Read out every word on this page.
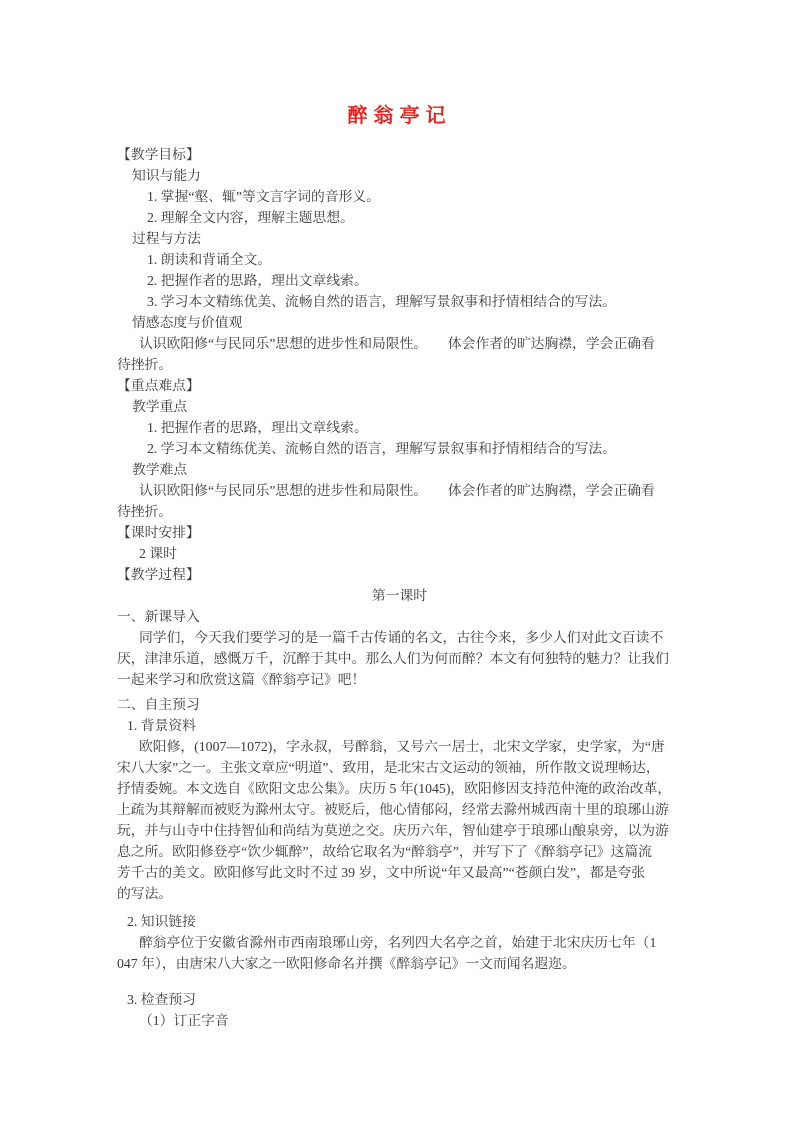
醉翁亭记
【教学目标】
知识与能力
1. 掌握“壑、辄”等文言字词的音形义。
2. 理解全文内容，理解主题思想。
过程与方法
1. 朗读和背诵全文。
2. 把握作者的思路，理出文章线索。
3. 学习本文精练优美、流畅自然的语言，理解写景叙事和抒情相结合的写法。
情感态度与价值观
认识欧阳修“与民同乐”思想的进步性和局限性。　　体会作者的旷达胸襟，学会正确看
待挫折。
【重点难点】
教学重点
1. 把握作者的思路，理出文章线索。
2. 学习本文精练优美、流畅自然的语言，理解写景叙事和抒情相结合的写法。
教学难点
认识欧阳修“与民同乐”思想的进步性和局限性。　　体会作者的旷达胸襟，学会正确看
待挫折。
【课时安排】
2 课时
【教学过程】
第一课时
一、新课导入
同学们，今天我们要学习的是一篇千古传诵的名文，古往今来，多少人们对此文百读不
厌，津津乐道，感慨万千，沉醉于其中。那么人们为何而醉？本文有何独特的魅力？让我们
一起来学习和欣赏这篇《醉翁亭记》吧！
二、自主预习
1. 背景资料
欧阳修，(1007—1072)，字永叔，号醉翁，又号六一居士，北宋文学家，史学家，为“唐
宋八大家”之一。主张文章应“明道”、致用，是北宋古文运动的领袖，所作散文说理畅达，
抒情委婉。本文选自《欧阳文忠公集》。庆历 5 年(1045)，欧阳修因支持范仲淹的政治改革，
上疏为其辩解而被贬为滁州太守。被贬后，他心情郁闷，经常去滁州城西南十里的琅琊山游
玩，并与山寺中住持智仙和尚结为莫逆之交。庆历六年，智仙建亭于琅琊山酿泉旁，以为游
息之所。欧阳修登亭“饮少辄醉”，故给它取名为“醉翁亭”，并写下了《醉翁亭记》这篇流
芳千古的美文。欧阳修写此文时不过 39 岁，文中所说“年又最高”“苍颜白发”，都是夸张
的写法。
2. 知识链接
醉翁亭位于安徽省滁州市西南琅琊山旁，名列四大名亭之首，始建于北宋庆历七年（1
047 年），由唐宋八大家之一欧阳修命名并撰《醉翁亭记》一文而闻名遐迩。
3. 检查预习
（1）订正字音
